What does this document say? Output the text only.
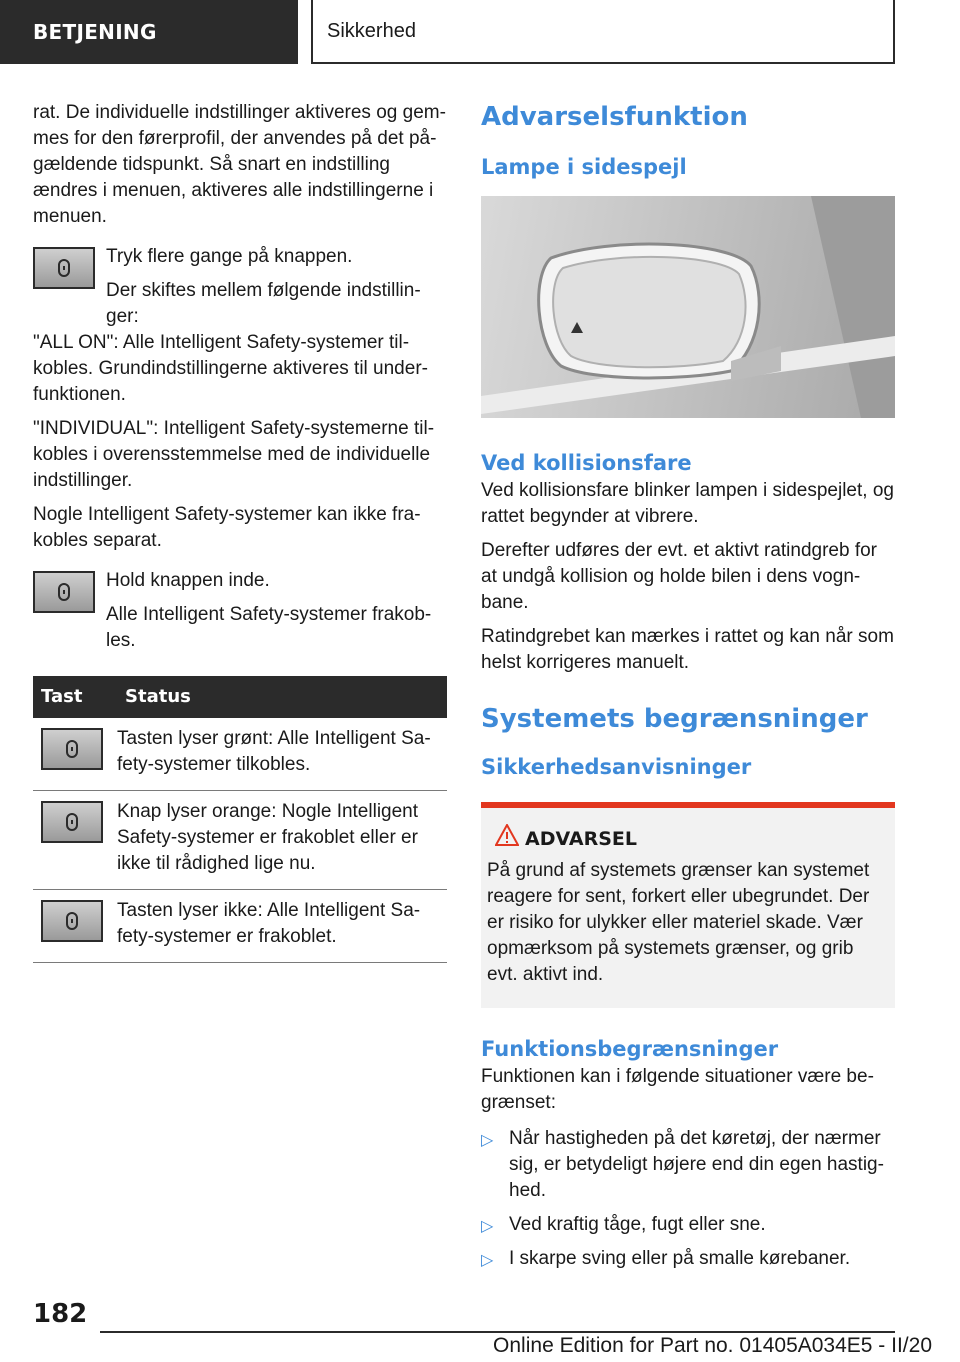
BETJENING	Sikkerhed

rat. De individuelle indstillinger aktiveres og gemmes for den førerprofil, der anvendes på det pågældende tidspunkt. Så snart en indstilling ændres i menuen, aktiveres alle indstillingerne i menuen.

Tryk flere gange på knappen.

Der skiftes mellem følgende indstillinger:

"ALL ON": Alle Intelligent Safety-systemer tilkobles. Grundindstillingerne aktiveres til underfunktionen.

"INDIVIDUAL": Intelligent Safety-systemerne tilkobles i overensstemmelse med de individuelle indstillinger.

Nogle Intelligent Safety-systemer kan ikke frakobles separat.

Hold knappen inde.

Alle Intelligent Safety-systemer frakobles.

Tast	Status

	Tasten lyser grønt: Alle Intelligent Safety-systemer tilkobles.

	Knap lyser orange: Nogle Intelligent Safety-systemer er frakoblet eller er ikke til rådighed lige nu.

	Tasten lyser ikke: Alle Intelligent Safety-systemer er frakoblet.
Advarselsfunktion
Lampe i sidespejl
Ved kollisionsfare

Ved kollisionsfare blinker lampen i sidespejlet, og rattet begynder at vibrere.

Derefter udføres der evt. et aktivt ratindgreb for at undgå kollision og holde bilen i dens vognbane.

Ratindgrebet kan mærkes i rattet og kan når som helst korrigeres manuelt.

Systemets begrænsninger
Sikkerhedsanvisninger
ADVARSEL
På grund af systemets grænser kan systemet reagere for sent, forkert eller ubegrundet. Der er risiko for ulykker eller materiel skade. Vær opmærksom på systemets grænser, og grib evt. aktivt ind.
Funktionsbegrænsninger

Funktionen kan i følgende situationer være begrænset:

▷ Når hastigheden på det køretøj, der nærmer sig, er betydeligt højere end din egen hastighed.
▷ Ved kraftig tåge, fugt eller sne.
▷ I skarpe sving eller på smalle kørebaner.
182
Online Edition for Part no. 01405A034E5 - II/20
